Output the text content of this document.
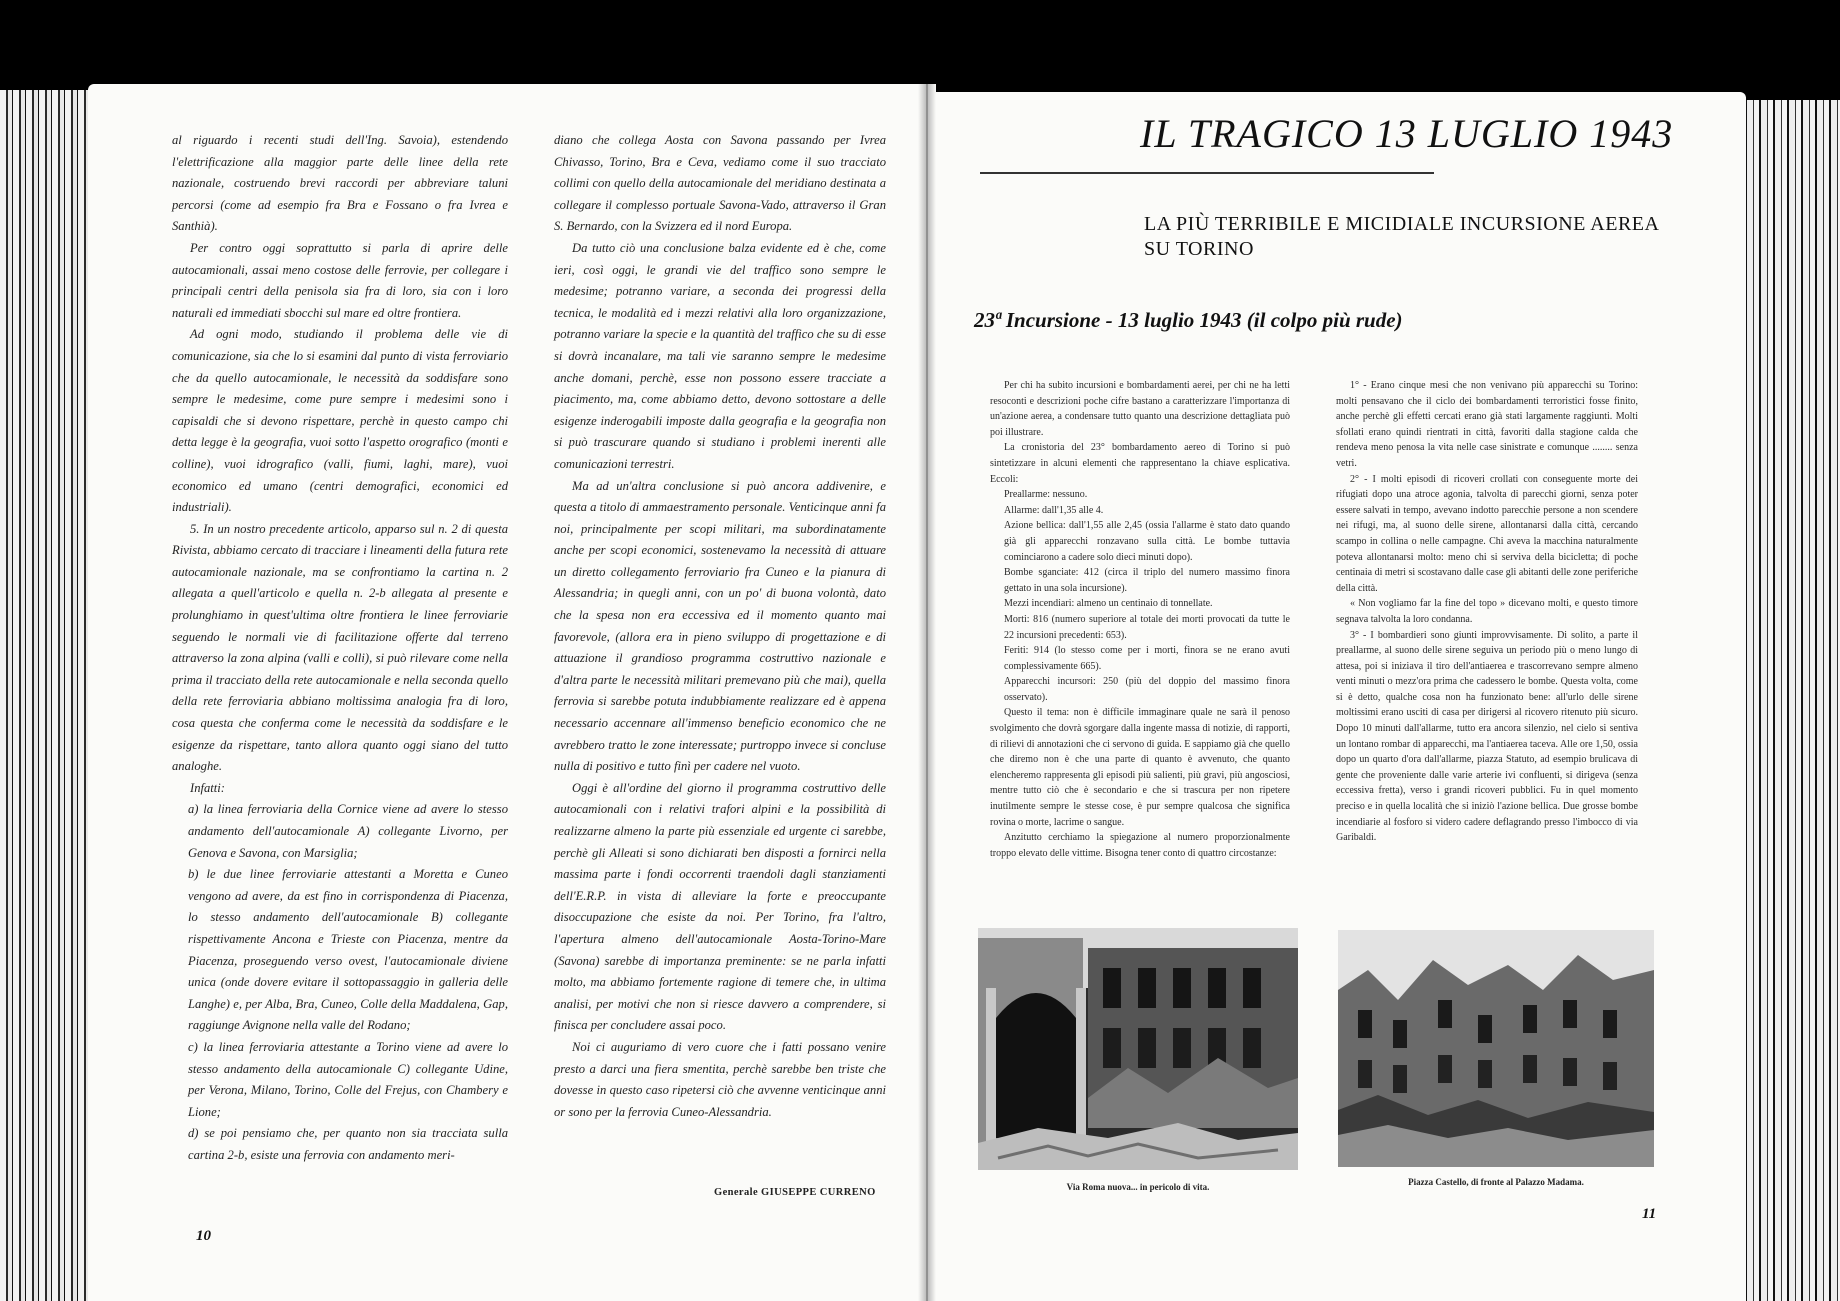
al riguardo i recenti studi dell'Ing. Savoia), estendendo l'elettrificazione alla maggior parte delle linee della rete nazionale, costruendo brevi raccordi per abbreviare taluni percorsi (come ad esempio fra Bra e Fossano o fra Ivrea e Santhià).

Per contro oggi soprattutto si parla di aprire delle autocamionali, assai meno costose delle ferrovie, per collegare i principali centri della penisola sia fra di loro, sia con i loro naturali ed immediati sbocchi sul mare ed oltre frontiera.

Ad ogni modo, studiando il problema delle vie di comunicazione, sia che lo si esamini dal punto di vista ferroviario che da quello autocamionale, le necessità da soddisfare sono sempre le medesime, come pure sempre i medesimi sono i capisaldi che si devono rispettare, perchè in questo campo chi detta legge è la geografia, vuoi sotto l'aspetto orografico (monti e colline), vuoi idrografico (valli, fiumi, laghi, mare), vuoi economico ed umano (centri demografici, economici ed industriali).

5. In un nostro precedente articolo, apparso sul n. 2 di questa Rivista, abbiamo cercato di tracciare i lineamenti della futura rete autocamionale nazionale, ma se confrontiamo la cartina n. 2 allegata a quell'articolo e quella n. 2-b allegata al presente e prolunghiamo in quest'ultima oltre frontiera le linee ferroviarie seguendo le normali vie di facilitazione offerte dal terreno attraverso la zona alpina (valli e colli), si può rilevare come nella prima il tracciato della rete autocamionale e nella seconda quello della rete ferroviaria abbiano moltissima analogia fra di loro, cosa questa che conferma come le necessità da soddisfare e le esigenze da rispettare, tanto allora quanto oggi siano del tutto analoghe.

Infatti:

a) la linea ferroviaria della Cornice viene ad avere lo stesso andamento dell'autocamionale A) collegante Livorno, per Genova e Savona, con Marsiglia;

b) le due linee ferroviarie attestanti a Moretta e Cuneo vengono ad avere, da est fino in corrispondenza di Piacenza, lo stesso andamento dell'autocamionale B) collegante rispettivamente Ancona e Trieste con Piacenza, mentre da Piacenza, proseguendo verso ovest, l'autocamionale diviene unica (onde dovere evitare il sottopassaggio in galleria delle Langhe) e, per Alba, Bra, Cuneo, Colle della Maddalena, Gap, raggiunge Avignone nella valle del Rodano;

c) la linea ferroviaria attestante a Torino viene ad avere lo stesso andamento della autocamionale C) collegante Udine, per Verona, Milano, Torino, Colle del Frejus, con Chambery e Lione;

d) se poi pensiamo che, per quanto non sia tracciata sulla cartina 2-b, esiste una ferrovia con andamento meri-

diano che collega Aosta con Savona passando per Ivrea Chivasso, Torino, Bra e Ceva, vediamo come il suo tracciato collimi con quello della autocamionale del meridiano destinata a collegare il complesso portuale Savona-Vado, attraverso il Gran S. Bernardo, con la Svizzera ed il nord Europa.

Da tutto ciò una conclusione balza evidente ed è che, come ieri, così oggi, le grandi vie del traffico sono sempre le medesime; potranno variare, a seconda dei progressi della tecnica, le modalità ed i mezzi relativi alla loro organizzazione, potranno variare la specie e la quantità del traffico che su di esse si dovrà incanalare, ma tali vie saranno sempre le medesime anche domani, perchè, esse non possono essere tracciate a piacimento, ma, come abbiamo detto, devono sottostare a delle esigenze inderogabili imposte dalla geografia e la geografia non si può trascurare quando si studiano i problemi inerenti alle comunicazioni terrestri.

Ma ad un'altra conclusione si può ancora addivenire, e questa a titolo di ammaestramento personale. Venticinque anni fa noi, principalmente per scopi militari, ma subordinatamente anche per scopi economici, sostenevamo la necessità di attuare un diretto collegamento ferroviario fra Cuneo e la pianura di Alessandria; in quegli anni, con un po' di buona volontà, dato che la spesa non era eccessiva ed il momento quanto mai favorevole, (allora era in pieno sviluppo di progettazione e di attuazione il grandioso programma costruttivo nazionale e d'altra parte le necessità militari premevano più che mai), quella ferrovia si sarebbe potuta indubbiamente realizzare ed è appena necessario accennare all'immenso beneficio economico che ne avrebbero tratto le zone interessate; purtroppo invece si concluse nulla di positivo e tutto finì per cadere nel vuoto.

Oggi è all'ordine del giorno il programma costruttivo delle autocamionali con i relativi trafori alpini e la possibilità di realizzarne almeno la parte più essenziale ed urgente ci sarebbe, perchè gli Alleati si sono dichiarati ben disposti a fornirci nella massima parte i fondi occorrenti traendoli dagli stanziamenti dell'E.R.P. in vista di alleviare la forte e preoccupante disoccupazione che esiste da noi. Per Torino, fra l'altro, l'apertura almeno dell'autocamionale Aosta-Torino-Mare (Savona) sarebbe di importanza preminente: se ne parla infatti molto, ma abbiamo fortemente ragione di temere che, in ultima analisi, per motivi che non si riesce davvero a comprendere, si finisca per concludere assai poco.

Noi ci auguriamo di vero cuore che i fatti possano venire presto a darci una fiera smentita, perchè sarebbe ben triste che dovesse in questo caso ripetersi ciò che avvenne venticinque anni or sono per la ferrovia Cuneo-Alessandria.

Generale GIUSEPPE CURRENO
10
IL TRAGICO 13 LUGLIO 1943
LA PIÙ TERRIBILE E MICIDIALE INCURSIONE AEREA SU TORINO
23ª Incursione - 13 luglio 1943 (il colpo più rude)

Per chi ha subito incursioni e bombardamenti aerei, per chi ne ha letti resoconti e descrizioni poche cifre bastano a caratterizzare l'importanza di un'azione aerea, a condensare tutto quanto una descrizione dettagliata può poi illustrare.

La cronistoria del 23° bombardamento aereo di Torino si può sintetizzare in alcuni elementi che rappresentano la chiave esplicativa. Eccoli:

Preallarme: nessuno.

Allarme: dall'1,35 alle 4.

Azione bellica: dall'1,55 alle 2,45 (ossia l'allarme è stato dato quando già gli apparecchi ronzavano sulla città. Le bombe tuttavia cominciarono a cadere solo dieci minuti dopo).

Bombe sganciate: 412 (circa il triplo del numero massimo finora gettato in una sola incursione).

Mezzi incendiari: almeno un centinaio di tonnellate.

Morti: 816 (numero superiore al totale dei morti provocati da tutte le 22 incursioni precedenti: 653).

Feriti: 914 (lo stesso come per i morti, finora se ne erano avuti complessivamente 665).

Apparecchi incursori: 250 (più del doppio del massimo finora osservato).

Questo il tema: non è difficile immaginare quale ne sarà il penoso svolgimento che dovrà sgorgare dalla ingente massa di notizie, di rapporti, di rilievi di annotazioni che ci servono di guida. E sappiamo già che quello che diremo non è che una parte di quanto è avvenuto, che quanto elencheremo rappresenta gli episodi più salienti, più gravi, più angosciosi, mentre tutto ciò che è secondario e che si trascura per non ripetere inutilmente sempre le stesse cose, è pur sempre qualcosa che significa rovina o morte, lacrime o sangue.

Anzitutto cerchiamo la spiegazione al numero proporzionalmente troppo elevato delle vittime. Bisogna tener conto di quattro circostanze:

1° - Erano cinque mesi che non venivano più apparecchi su Torino: molti pensavano che il ciclo dei bombardamenti terroristici fosse finito, anche perchè gli effetti cercati erano già stati largamente raggiunti. Molti sfollati erano quindi rientrati in città, favoriti dalla stagione calda che rendeva meno penosa la vita nelle case sinistrate e comunque ........ senza vetri.

2° - I molti episodi di ricoveri crollati con conseguente morte dei rifugiati dopo una atroce agonia, talvolta di parecchi giorni, senza poter essere salvati in tempo, avevano indotto parecchie persone a non scendere nei rifugi, ma, al suono delle sirene, allontanarsi dalla città, cercando scampo in collina o nelle campagne. Chi aveva la macchina naturalmente poteva allontanarsi molto: meno chi si serviva della bicicletta; di poche centinaia di metri si scostavano dalle case gli abitanti delle zone periferiche della città.

« Non vogliamo far la fine del topo » dicevano molti, e questo timore segnava talvolta la loro condanna.

3° - I bombardieri sono giunti improvvisamente. Di solito, a parte il preallarme, al suono delle sirene seguiva un periodo più o meno lungo di attesa, poi si iniziava il tiro dell'antiaerea e trascorrevano sempre almeno venti minuti o mezz'ora prima che cadessero le bombe. Questa volta, come si è detto, qualche cosa non ha funzionato bene: all'urlo delle sirene moltissimi erano usciti di casa per dirigersi al ricovero ritenuto più sicuro. Dopo 10 minuti dall'allarme, tutto era ancora silenzio, nel cielo si sentiva un lontano rombar di apparecchi, ma l'antiaerea taceva. Alle ore 1,50, ossia dopo un quarto d'ora dall'allarme, piazza Statuto, ad esempio brulicava di gente che proveniente dalle varie arterie ivi confluenti, si dirigeva (senza eccessiva fretta), verso i grandi ricoveri pubblici. Fu in quel momento preciso e in quella località che si iniziò l'azione bellica. Due grosse bombe incendiarie al fosforo si videro cadere deflagrando presso l'imbocco di via Garibaldi.

Via Roma nuova... in pericolo di vita.	Piazza Castello, di fronte al Palazzo Madama.
11
